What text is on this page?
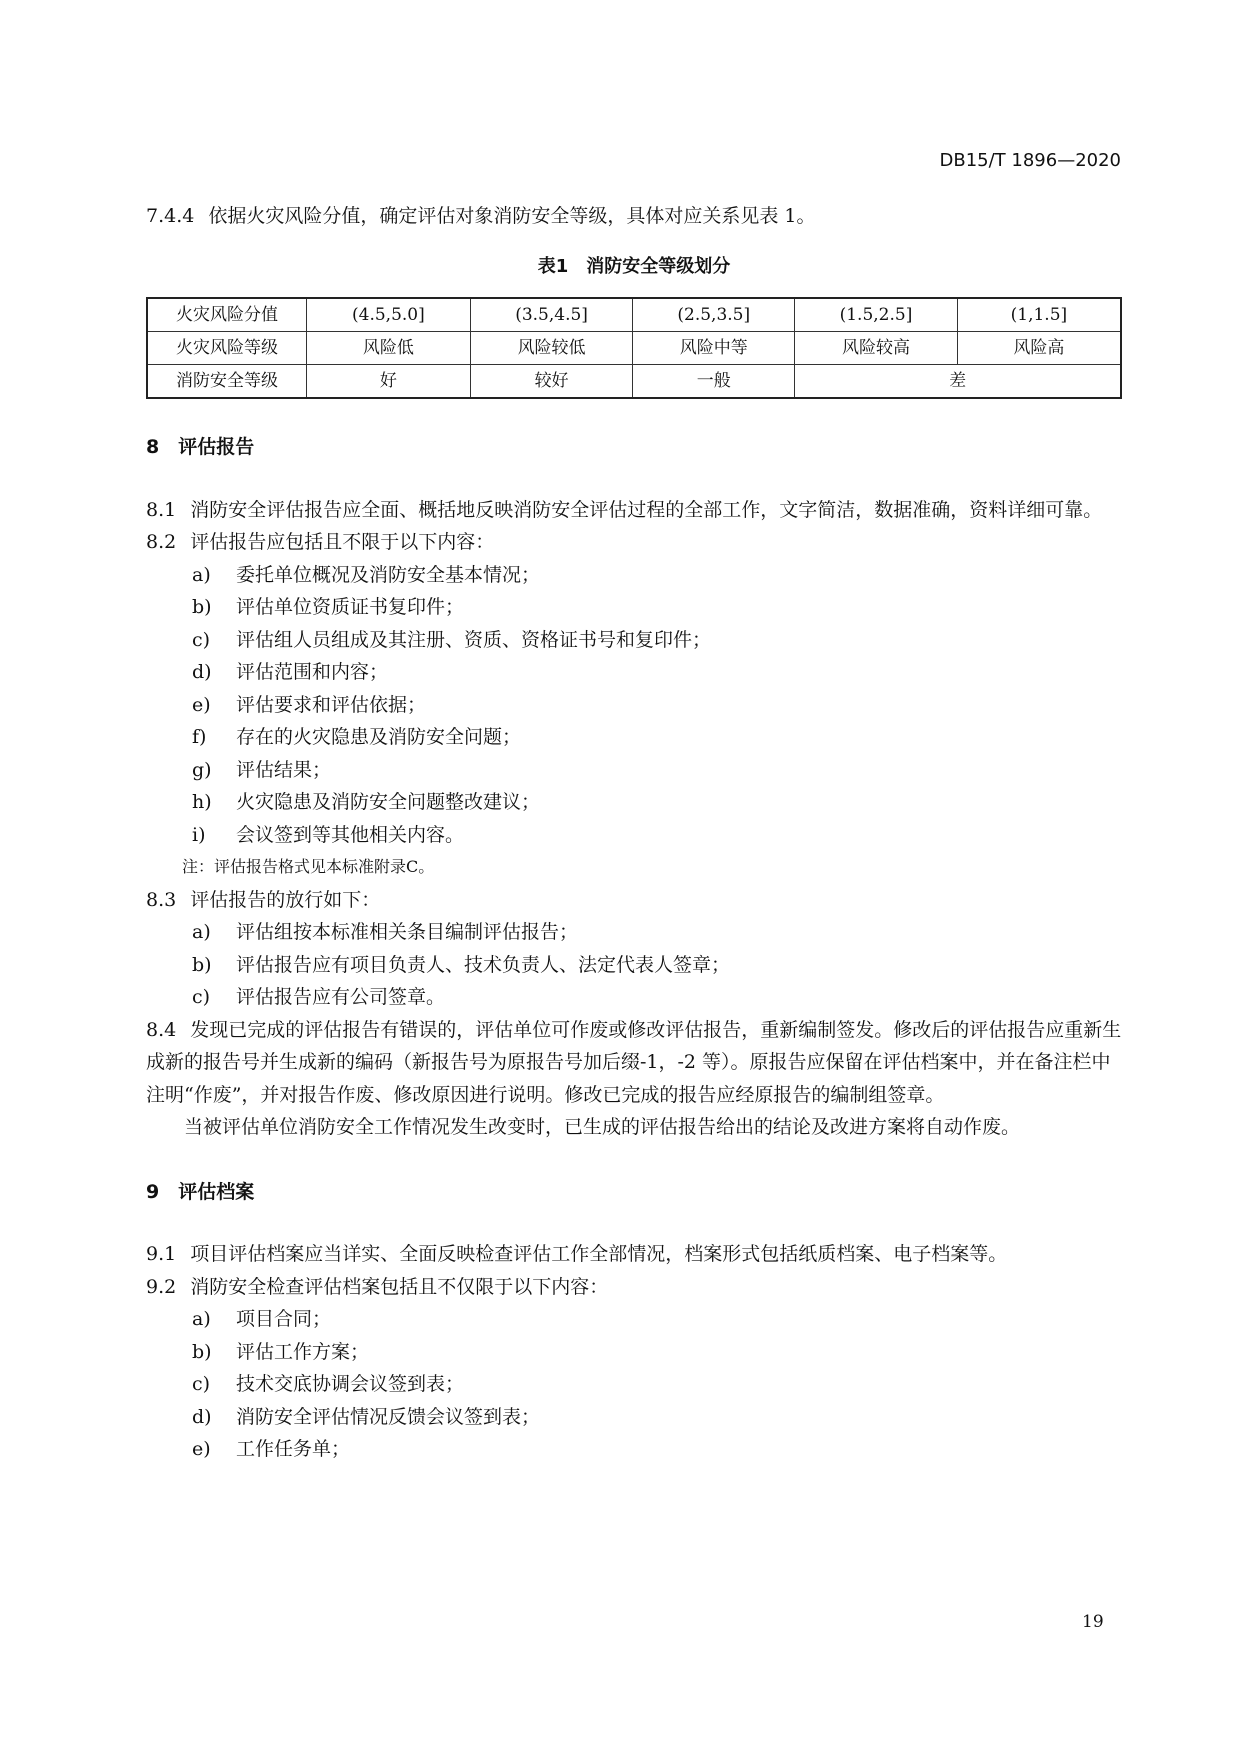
DB15/T 1896—2020

7.4.4 依据火灾风险分值，确定评估对象消防安全等级，具体对应关系见表 1。

表1　消防安全等级划分
火灾风险分值	(4.5,5.0]	(3.5,4.5]	(2.5,3.5]	(1.5,2.5]	(1,1.5]
火灾风险等级	风险低	风险较低	风险中等	风险较高	风险高
消防安全等级	好	较好	一般	差	
8　评估报告

8.1 消防安全评估报告应全面、概括地反映消防安全评估过程的全部工作，文字简洁，数据准确，资料详细可靠。

8.2 评估报告应包括且不限于以下内容：

a) 委托单位概况及消防安全基本情况；
b) 评估单位资质证书复印件；
c) 评估组人员组成及其注册、资质、资格证书号和复印件；
d) 评估范围和内容；
e) 评估要求和评估依据；
f) 存在的火灾隐患及消防安全问题；
g) 评估结果；
h) 火灾隐患及消防安全问题整改建议；
i) 会议签到等其他相关内容。
注：评估报告格式见本标准附录C。

8.3 评估报告的放行如下：

a) 评估组按本标准相关条目编制评估报告；
b) 评估报告应有项目负责人、技术负责人、法定代表人签章；
c) 评估报告应有公司签章。

8.4 发现已完成的评估报告有错误的，评估单位可作废或修改评估报告，重新编制签发。修改后的评估报告应重新生成新的报告号并生成新的编码（新报告号为原报告号加后缀-1，-2 等）。原报告应保留在评估档案中，并在备注栏中注明“作废”，并对报告作废、修改原因进行说明。修改已完成的报告应经原报告的编制组签章。

当被评估单位消防安全工作情况发生改变时，已生成的评估报告给出的结论及改进方案将自动作废。

9　评估档案

9.1 项目评估档案应当详实、全面反映检查评估工作全部情况，档案形式包括纸质档案、电子档案等。

9.2 消防安全检查评估档案包括且不仅限于以下内容：

a) 项目合同；
b) 评估工作方案；
c) 技术交底协调会议签到表；
d) 消防安全评估情况反馈会议签到表；
e) 工作任务单；
19
